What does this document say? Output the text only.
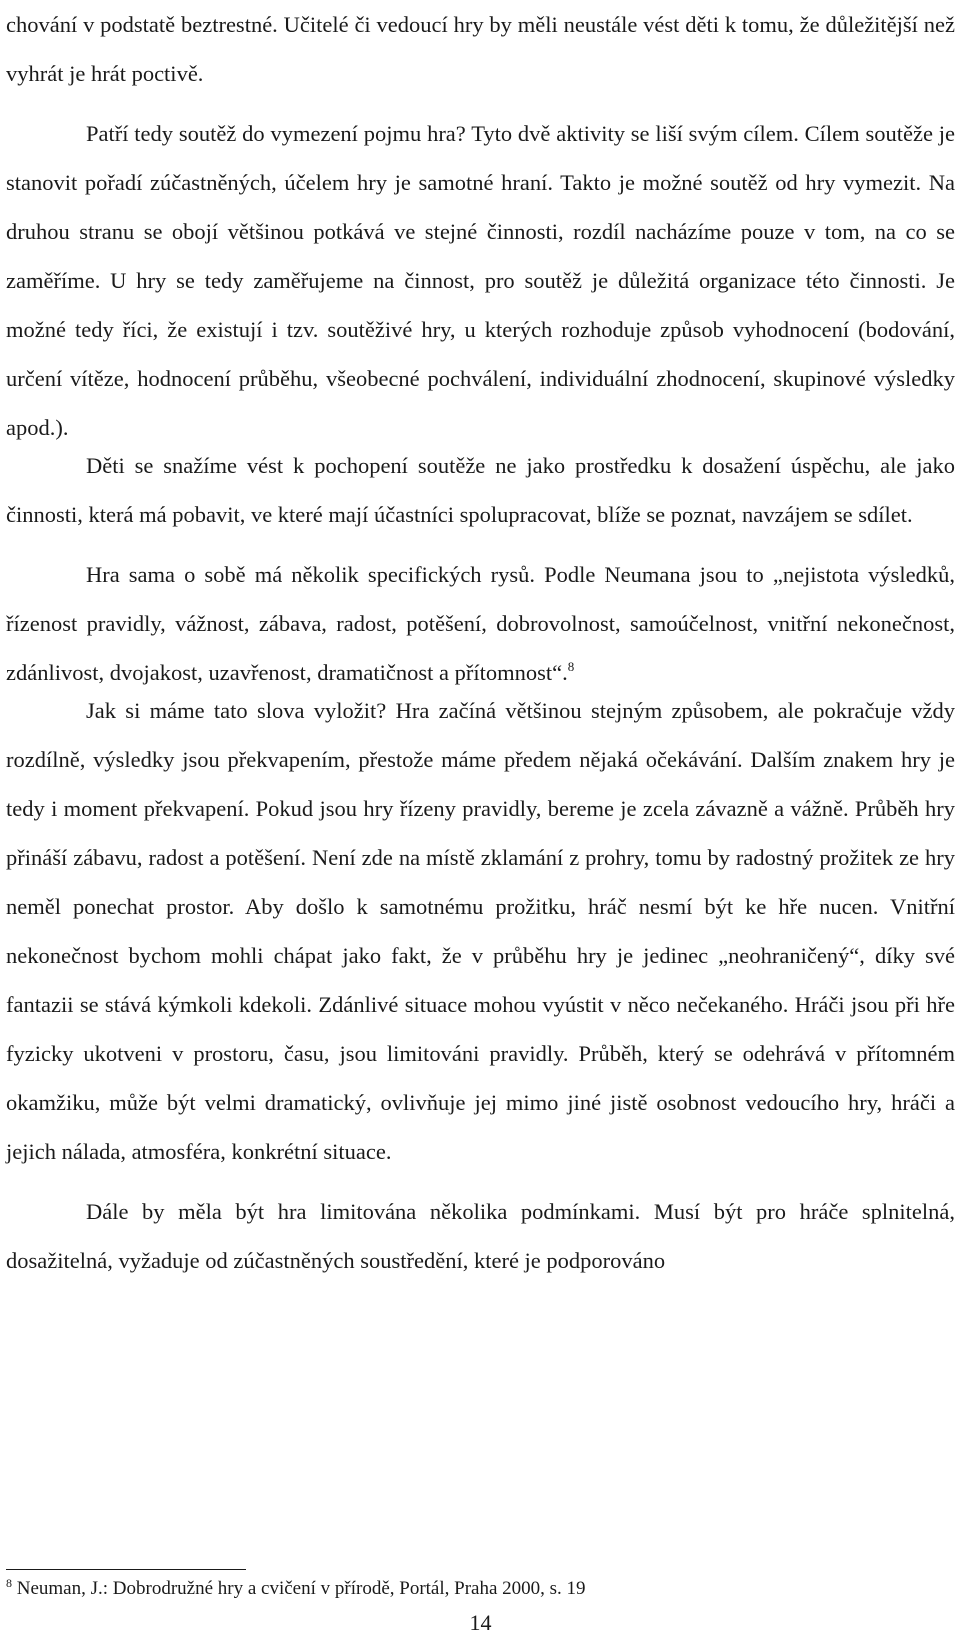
chování v podstatě beztrestné. Učitelé či vedoucí hry by měli neustále vést děti k tomu, že důležitější než vyhrát je hrát poctivě.

Patří tedy soutěž do vymezení pojmu hra? Tyto dvě aktivity se liší svým cílem. Cílem soutěže je stanovit pořadí zúčastněných, účelem hry je samotné hraní. Takto je možné soutěž od hry vymezit. Na druhou stranu se obojí většinou potkává ve stejné činnosti, rozdíl nacházíme pouze v tom, na co se zaměříme. U hry se tedy zaměřujeme na činnost, pro soutěž je důležitá organizace této činnosti. Je možné tedy říci, že existují i tzv. soutěživé hry, u kterých rozhoduje způsob vyhodnocení (bodování, určení vítěze, hodnocení průběhu, všeobecné pochválení, individuální zhodnocení, skupinové výsledky apod.).

Děti se snažíme vést k pochopení soutěže ne jako prostředku k dosažení úspěchu, ale jako činnosti, která má pobavit, ve které mají účastníci spolupracovat, blíže se poznat, navzájem se sdílet.

Hra sama o sobě má několik specifických rysů. Podle Neumana jsou to „nejistota výsledků, řízenost pravidly, vážnost, zábava, radost, potěšení, dobrovolnost, samoúčelnost, vnitřní nekonečnost, zdánlivost, dvojakost, uzavřenost, dramatičnost a přítomnost“.$^8$

Jak si máme tato slova vyložit? Hra začíná většinou stejným způsobem, ale pokračuje vždy rozdílně, výsledky jsou překvapením, přestože máme předem nějaká očekávání. Dalším znakem hry je tedy i moment překvapení. Pokud jsou hry řízeny pravidly, bereme je zcela závazně a vážně. Průběh hry přináší zábavu, radost a potěšení. Není zde na místě zklamání z prohry, tomu by radostný prožitek ze hry neměl ponechat prostor. Aby došlo k samotnému prožitku, hráč nesmí být ke hře nucen. Vnitřní nekonečnost bychom mohli chápat jako fakt, že v průběhu hry je jedinec „neohraničený“, díky své fantazii se stává kýmkoli kdekoli. Zdánlivé situace mohou vyústit v něco nečekaného. Hráči jsou při hře fyzicky ukotveni v prostoru, času, jsou limitováni pravidly. Průběh, který se odehrává v přítomném okamžiku, může být velmi dramatický, ovlivňuje jej mimo jiné jistě osobnost vedoucího hry, hráči a jejich nálada, atmosféra, konkrétní situace.

Dále by měla být hra limitována několika podmínkami. Musí být pro hráče splnitelná, dosažitelná, vyžaduje od zúčastněných soustředění, které je podporováno

$^8$ Neuman, J.: Dobrodružné hry a cvičení v přírodě, Portál, Praha 2000, s. 19
14
